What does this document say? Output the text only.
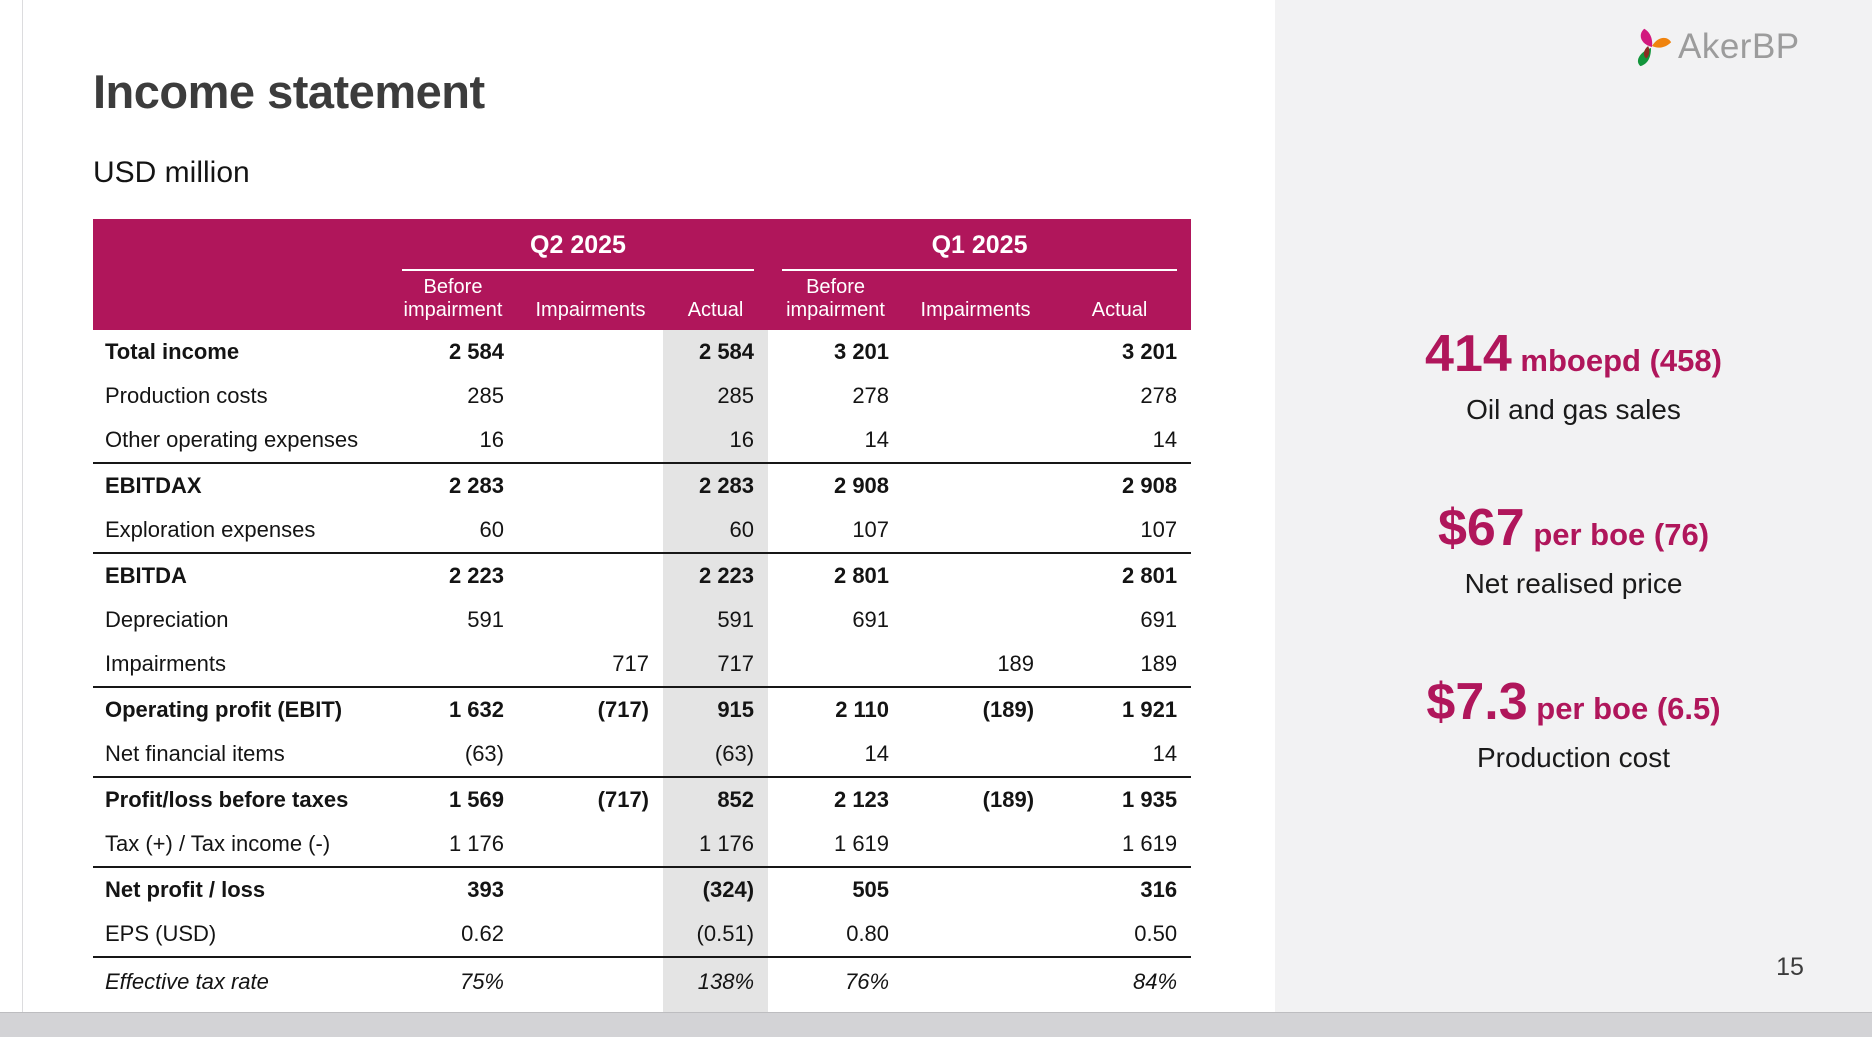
Income statement
USD million

	Q2 2025			Q1 2025		

	Before impairment	Impairments	Actual	Before impairment	Impairments	Actual
Total income	2 584		2 584	3 201		3 201
Production costs	285		285	278		278
Other operating expenses	16		16	14		14
EBITDAX	2 283		2 283	2 908		2 908
Exploration expenses	60		60	107		107
EBITDA	2 223		2 223	2 801		2 801
Depreciation	591		591	691		691
Impairments		717	717		189	189
Operating profit (EBIT)	1 632	(717)	915	2 110	(189)	1 921
Net financial items	(63)		(63)	14		14
Profit/loss before taxes	1 569	(717)	852	2 123	(189)	1 935
Tax (+) / Tax income (-)	1 176		1 176	1 619		1 619
Net profit / loss	393		(324)	505		316
EPS (USD)	0.62		(0.51)	0.80		0.50
Effective tax rate	75%		138%	76%		84%
AkerBP
414 mboepd (458)
Oil and gas sales
$67 per boe (76)
Net realised price
$7.3 per boe (6.5)
Production cost
15
